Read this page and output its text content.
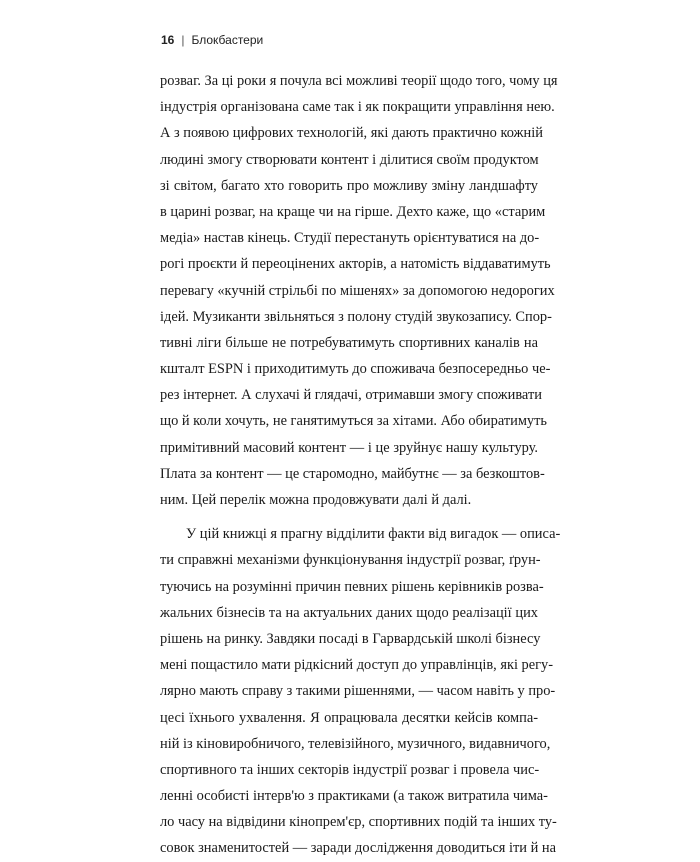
16 | Блокбастери
розваг. За ці роки я почула всі можливі теорії щодо того, чому ця
індустрія організована саме так і як покращити управління нею.
А з появою цифрових технологій, які дають практично кожній
людині змогу створювати контент і ділитися своїм продуктом
зі світом, багато хто говорить про можливу зміну ландшафту
в царині розваг, на краще чи на гірше. Дехто каже, що «старим
медіа» настав кінець. Студії перестануть орієнтуватися на до-
рогі проєкти й переоцінених акторів, а натомість віддаватимуть
перевагу «кучній стрільбі по мішенях» за допомогою недорогих
ідей. Музиканти звільняться з полону студій звукозапису. Спор-
тивні ліги більше не потребуватимуть спортивних каналів на
кшталт ESPN і приходитимуть до споживача безпосередньо че-
рез інтернет. А слухачі й глядачі, отримавши змогу споживати
що й коли хочуть, не ганятимуться за хітами. Або обиратимуть
примітивний масовий контент — і це зруйнує нашу культуру.
Плата за контент — це старомодно, майбутнє — за безкоштов-
ним. Цей перелік можна продовжувати далі й далі.
У цій книжці я прагну відділити факти від вигадок — описа-
ти справжні механізми функціонування індустрії розваг, ґрун-
туючись на розумінні причин певних рішень керівників розва-
жальних бізнесів та на актуальних даних щодо реалізації цих
рішень на ринку. Завдяки посаді в Гарвардській школі бізнесу
мені пощастило мати рідкісний доступ до управлінців, які регу-
лярно мають справу з такими рішеннями, — часом навіть у про-
цесі їхнього ухвалення. Я опрацювала десятки кейсів компа-
ній із кіновиробничого, телевізійного, музичного, видавничого,
спортивного та інших секторів індустрії розваг і провела чис-
ленні особисті інтерв'ю з практиками (а також витратила чима-
ло часу на відвідини кінопрем'єр, спортивних подій та інших ту-
совок знаменитостей — заради дослідження доводиться іти й на
